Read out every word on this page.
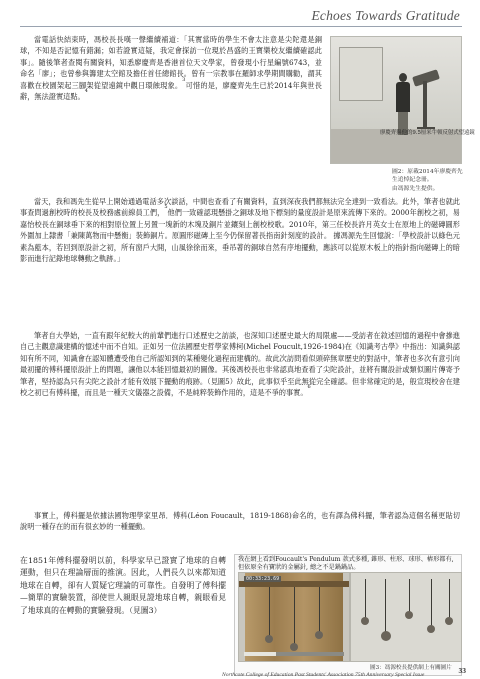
Echoes Towards Gratitude

當電話快結束時，馮校長長嘆一聲繼續補道：「其實當時的學生不會太注意是尖陀還是銅球，不知是否記憶有錯漏；如若證實這疑，我定會探訪一位現於昌盛的王寶樂校友繼續確認此事」。隨後筆者查閱有關資料，知悉廖慶齊是香港首位天文學家，曾發現小行星編號6743，並命名「廖」；也曾參與籌建太空館及擔任首任總館長。曾有一宗教事在羅師求學期間購勸，謂其喜歡在校園架起三腳架從望遠鏡中觀日環蝕現象。$^3$可惜的是，廖慶齊先生已於2014年與世長辭，無法證實這點。$^4$

廖慶齊與他的9.5厘米牛頓反射式望遠鏡
圖2：原載2014年廖慶齊先生追悼紀念冊。
由馮源先生提供。

當天，我和馮先生從早上開始通過電話多次談話，中間也查看了有關資料，直到深夜我們都無法完全達到一致看法。此外，筆者也就此事查問過創校時的校長及校務處前線員工們，$^5$他們一致確認現懸掛之銅球及地下標刻的量度設計是原來流傳下來的。2000年創校之初，易嘉怡校長在銅球垂下來的相對原位置上另置一塊新的木塊及銅片並鑲刻上創校校歌。2010年，第三任校長許月英女士在原地上的磁磚圓形外圍加上隸書「兼陳萬物而中懸衡」裝飾銅片。原圓形磁磚上至今仍保留著長指南針刻度的設計。 據馮源先生回憶說：「學校設計以綠色元素為藍本，若回到原設計之初，所有窗戶大開，山風徐徐而來，垂吊著的銅球自然有序地擺動，應該可以從原木板上的指針指向磁磚上的暗影而進行記錄地球轉動之軌跡。」

筆者自大學始，一直有跟年紀較大的前輩們進行口述歷史之訪談，也深知口述歷史最大的局限處——受訪者在敘述回憶的過程中會摻進自己主觀意識建構的憶述中而不自知。正如另一位法國歷史哲學家傅柯(Michel Foucult,1926-1984)在《知識考古學》中指出：知識與認知有所不同，知識會在認知體遭受他自己所認知到的某種變化過程而建構的。故此次訪問看似頭碎無章歷史的對話中，筆者也多次有意引向最初擺的傅科擺原設計上的問題，讓他以本能回憶最初的圖像。其後馮校長也非常認真地查看了尖陀設計，並將有關設計或類似圖片傳寄予筆者，堅持認為只有尖陀之設計才能有效展下擺動的痕跡。（見圖5）故此，此事似乎至此無從完全確認。但非常確定的是，般宣現校舍在建校之初已有傅科擺，而且是一種天文儀器之設備，不是純粹裝飾作用的，這是不爭的事實。$^6$

事實上，傅科擺是依據法國物理學家里昂．傅科(Léon Foucault，1819-1868)命名的，也有譯為佛科擺，筆者認為這個名稱更貼切說明一種存在的而有很玄妙的一種擺動。

在1851年傅科擺發明以前，科學家早已證實了地球的自轉運動，但只在理論層面的推演。因此，人們長久以來都知道地球在自轉，卻有人質疑它理論的可靠性。自發明了傅科擺—簡單的實驗裝置，卻使世人親眼見證地球自轉，親眼看見了地球真的在轉動的實驗發現。（見圖3）

我在網上看到Foucault's Pendulum 款式多種, 錐形、柱形、球形、樁形都有,但依原全有寶狀的金屬針, 總之不是鍋鍋品。
00:33:23.69
圖3：馮源校長提供網上有關圖片
Northcote College of Education Past Students' Association 75th Anniversary Special Issue	33
